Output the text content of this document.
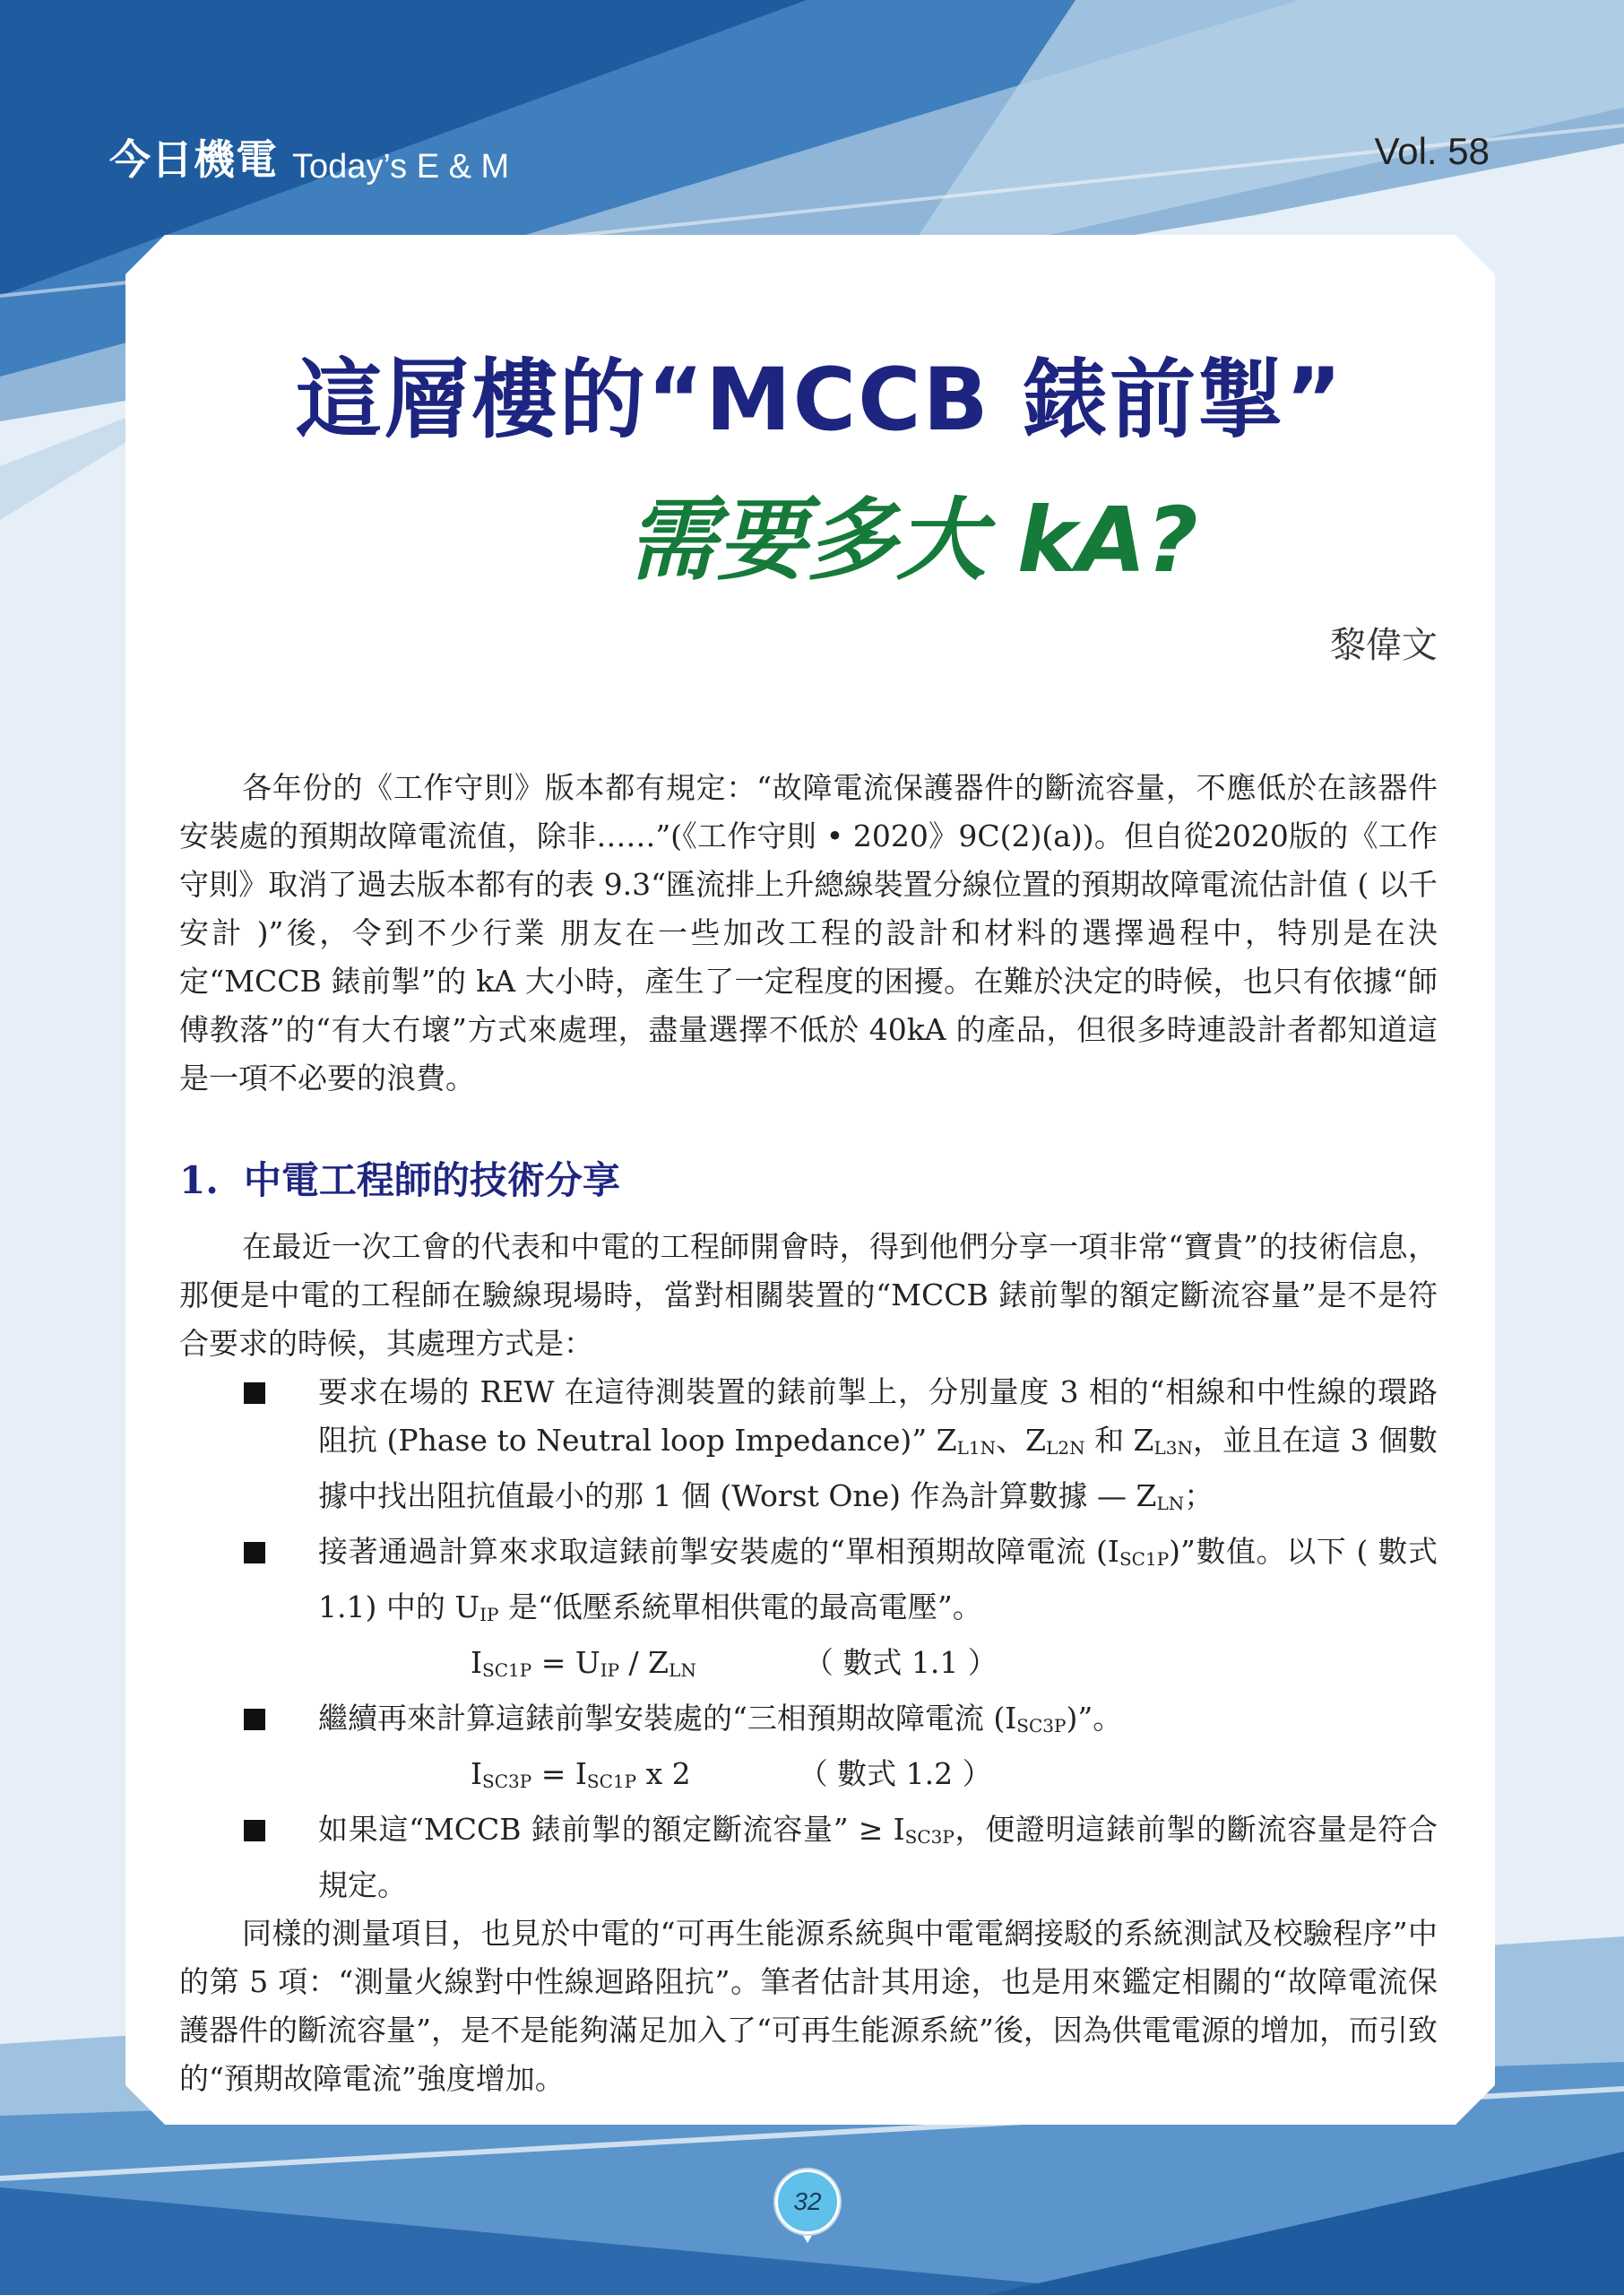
今日機電 Today’s E & M	Vol. 58
這層樓的“MCCB 錶前掣”
需要多大 kA?
黎偉文

各年份的《工作守則》版本都有規定：“故障電流保護器件的斷流容量，不應低於在該器件安裝處的預期故障電流值，除非……”(《工作守則 • 2020》9C(2)(a))。但自從2020版的《工作守則》取消了過去版本都有的表 9.3“匯流排上升總線裝置分線位置的預期故障電流估計值 ( 以千安計 )”後，令到不少行業 朋友在一些加改工程的設計和材料的選擇過程中，特別是在決定“MCCB 錶前掣”的 kA 大小時，產生了一定程度的困擾。在難於決定的時候，也只有依據“師傅教落”的“有大冇壞”方式來處理，盡量選擇不低於 40kA 的產品，但很多時連設計者都知道這是一項不必要的浪費。

1. 中電工程師的技術分享

在最近一次工會的代表和中電的工程師開會時，得到他們分享一項非常“寶貴”的技術信息，那便是中電的工程師在驗線現場時，當對相關裝置的“MCCB 錶前掣的額定斷流容量”是不是符合要求的時候，其處理方式是：

要求在場的 REW 在這待測裝置的錶前掣上，分別量度 3 相的“相線和中性線的環路阻抗 (Phase to Neutral loop Impedance)” $Z_{L1N}$、$Z_{L2N}$ 和 $Z_{L3N}$，並且在這 3 個數據中找出阻抗值最小的那 1 個 (Worst One) 作為計算數據 — $Z_{LN}$；
接著通過計算來求取這錶前掣安裝處的“單相預期故障電流 $(I_{SC1P})$”數值。以下 ( 數式 1.1) 中的 $U_{IP}$ 是“低壓系統單相供電的最高電壓”。
$I_{SC1P} = U_{IP} / Z_{LN}$	（ 數式 1.1 ）
繼續再來計算這錶前掣安裝處的“三相預期故障電流 $(I_{SC3P})$”。
$I_{SC3P} = I_{SC1P}$ x 2	（ 數式 1.2 ）
如果這“MCCB 錶前掣的額定斷流容量” ≥ $I_{SC3P}$，便證明這錶前掣的斷流容量是符合規定。

同樣的測量項目，也見於中電的“可再生能源系統與中電電網接駁的系統測試及校驗程序”中的第 5 項：“測量火線對中性線迴路阻抗”。筆者估計其用途，也是用來鑑定相關的“故障電流保護器件的斷流容量”，是不是能夠滿足加入了“可再生能源系統”後，因為供電電源的增加，而引致的“預期故障電流”強度增加。

32
